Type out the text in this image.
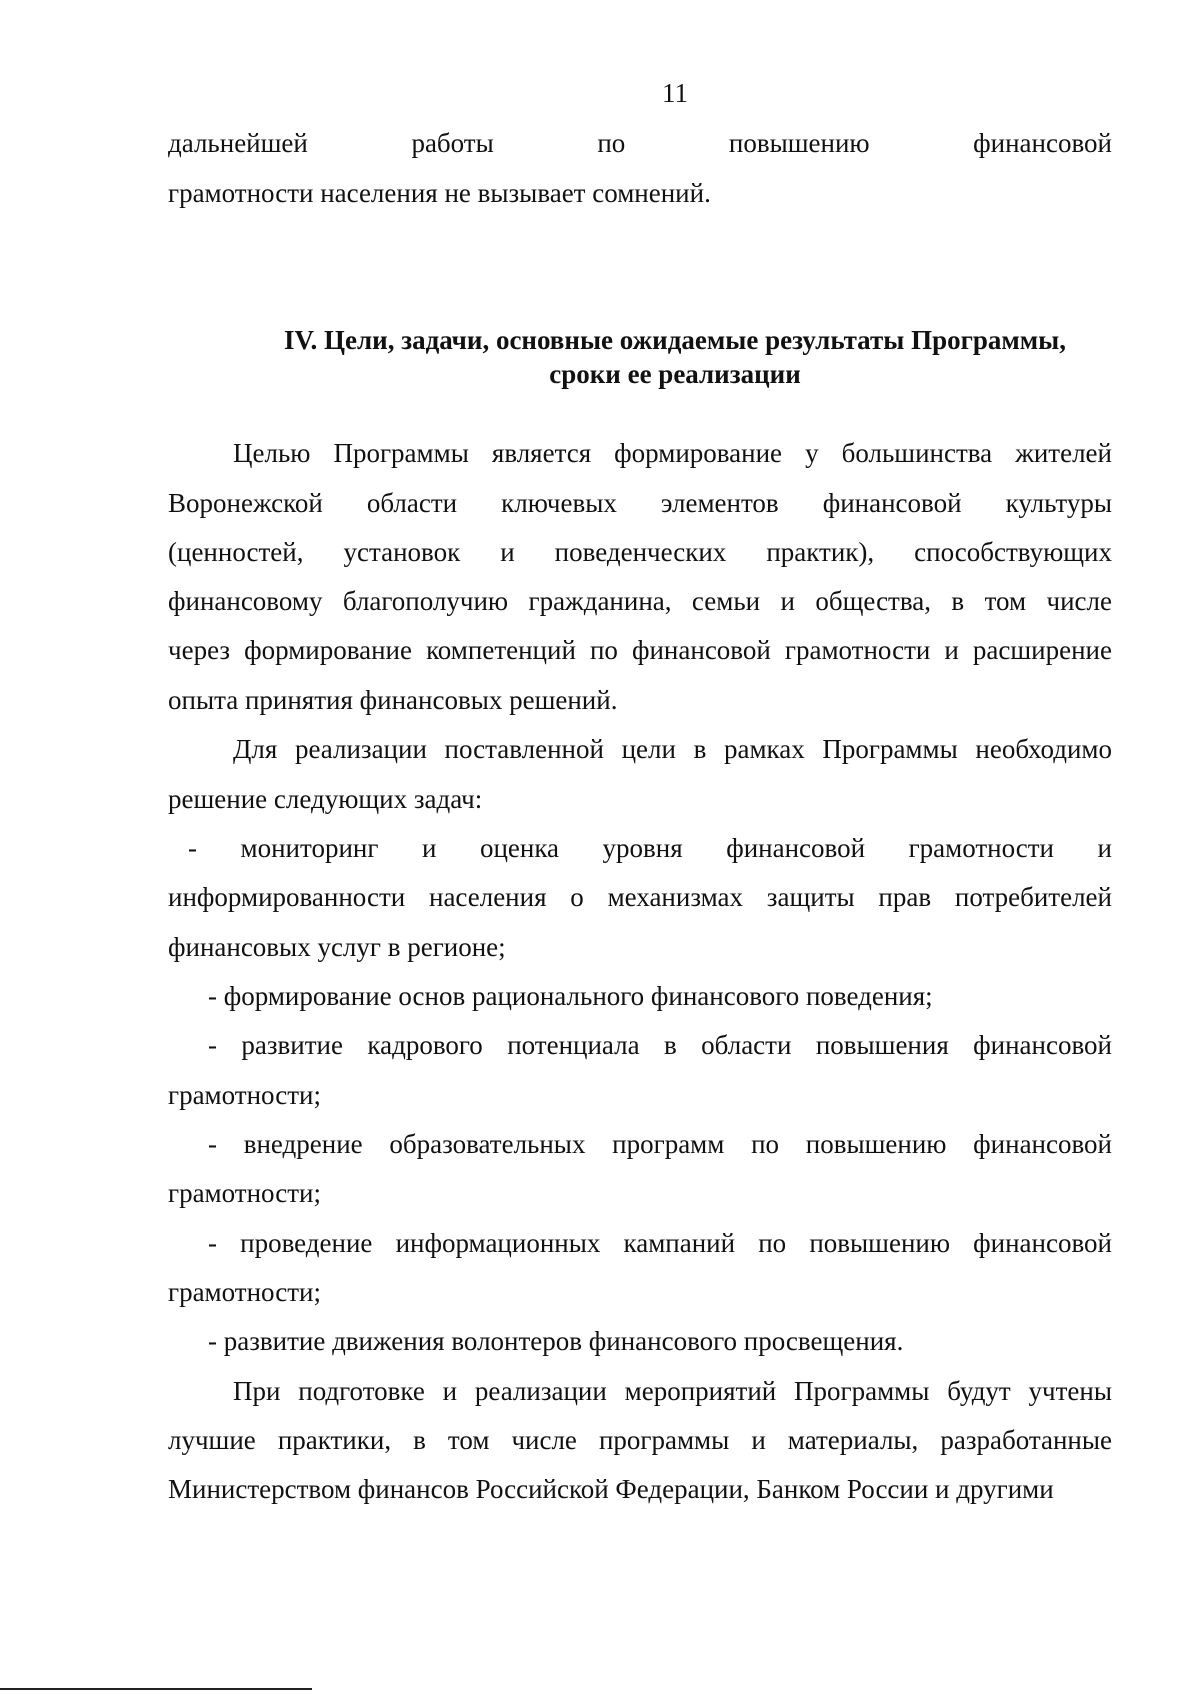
11
дальнейшей работы по повышению финансовой
грамотности населения не вызывает сомнений.
IV. Цели, задачи, основные ожидаемые результаты Программы,
сроки ее реализации
Целью Программы является формирование у большинства жителей
Воронежской области ключевых элементов финансовой культуры
(ценностей, установок и поведенческих практик), способствующих
финансовому благополучию гражданина, семьи и общества, в том числе
через формирование компетенций по финансовой грамотности и расширение
опыта принятия финансовых решений.
Для реализации поставленной цели в рамках Программы необходимо
решение следующих задач:
- мониторинг и оценка уровня финансовой грамотности и
информированности населения о механизмах защиты прав потребителей
финансовых услуг в регионе;
- формирование основ рационального финансового поведения;
- развитие кадрового потенциала в области повышения финансовой
грамотности;
- внедрение образовательных программ по повышению финансовой
грамотности;
- проведение информационных кампаний по повышению финансовой
грамотности;
- развитие движения волонтеров финансового просвещения.
При подготовке и реализации мероприятий Программы будут учтены
лучшие практики, в том числе программы и материалы, разработанные
Министерством финансов Российской Федерации, Банком России и другими
